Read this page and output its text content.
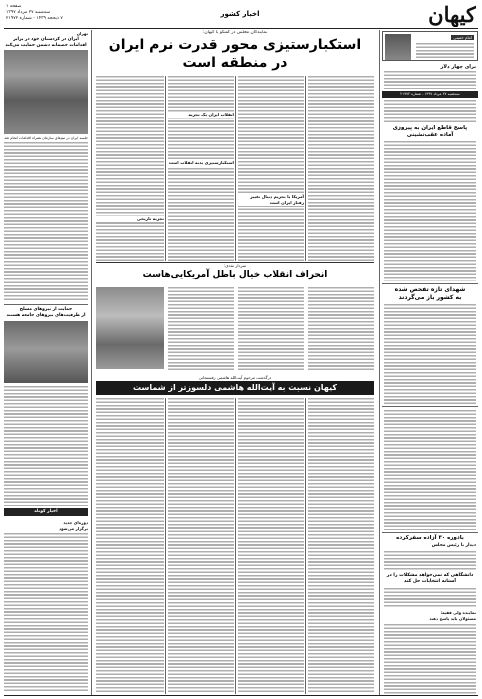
کیهان
اخبار کشور
صفحه ۱
سه‌شنبه ۲۷ مرداد ۱۳۹۷
۷ ذیحجه ۱۴۳۹ - شماره ۲۱۹۷۲
امام خمینی
برای چهار دلار
سه‌شنبه ۲۷ مرداد ۱۳۹۷ - شماره ۲۱۹۷۲
پاسخ قاطع ایران به پیروزی
آماده عقب‌نشینی
شهدای تازه تفحص شده
به کشور باز می‌گردند
بادوره ۳۰ آزاده سفرکرده
دیدار با رئیس مجلس
دانشگاهی که نمی‌خواهد مشکلات را در آستانه انتخابات حل کند
نماینده ولی فقیه:
مسئولان باید پاسخ دهند
تهران
ایران در کردستان خود در برابر اقدامات خصمانه دشمن حمایت می‌کند
جلسه ایران در تیم‌های سازمان همراه اقدامات انجام شد
حمایت از نیروهای مسلح
از ظرفیت‌های نیروهای جامعه هستند
اخبار کوتاه
دوره‌ای جدید
برگزار می‌شود
نمایندگان مجلس در گفتگو با کیهان:
استکبارستیزی محور قدرت نرم ایران
در منطقه است
انقلاب ایران یک تجربه
استکبارستیزی بدنه انقلاب است
آمریکا با تحریم دنبال تغییر رفتار ایران است
تجربه تاریخی
سردار نقدی:
انحراف انقلاب خیال باطل آمریکایی‌هاست
درگذشت مرحوم آیت‌الله هاشمی رفسنجانی
کیهان نسبت به آیت‌الله هاشمی دلسوزتر از شماست
